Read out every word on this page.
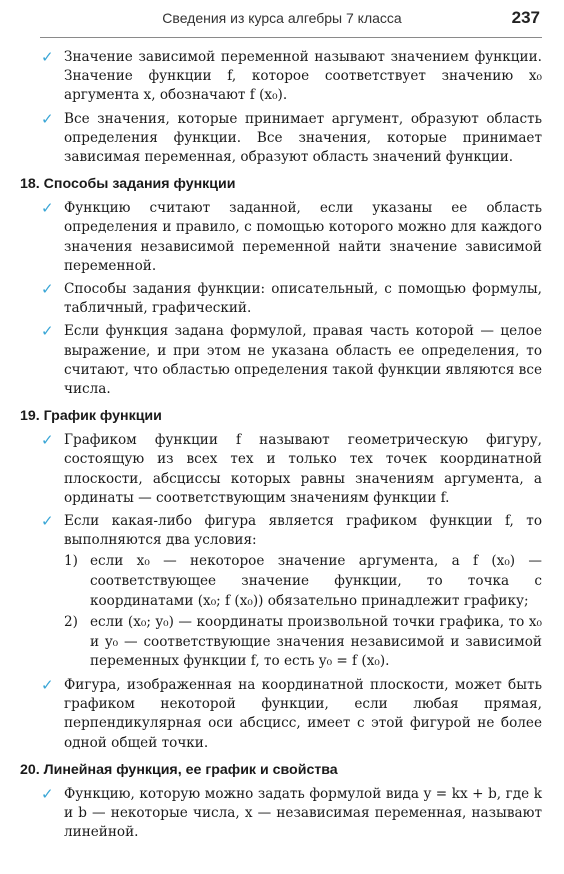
Сведения из курса алгебры 7 класса	237
✓ Значение зависимой переменной называют значением функции. Значение функции f, которое соответствует значению x₀ аргумента x, обозначают f (x₀).

✓ Все значения, которые принимает аргумент, образуют область определения функции. Все значения, которые принимает зависимая переменная, образуют область значений функции.

18. Способы задания функции
✓ Функцию считают заданной, если указаны ее область определения и правило, с помощью которого можно для каждого значения независимой переменной найти значение зависимой переменной.

✓ Способы задания функции: описательный, с помощью формулы, табличный, графический.

✓ Если функция задана формулой, правая часть которой — целое выражение, и при этом не указана область ее определения, то считают, что областью определения такой функции являются все числа.

19. График функции
✓ Графиком функции f называют геометрическую фигуру, состоящую из всех тех и только тех точек координатной плоскости, абсциссы которых равны значениям аргумента, а ординаты — соответствующим значениям функции f.

✓ Если какая-либо фигура является графиком функции f, то выполняются два условия:

1) если x₀ — некоторое значение аргумента, а f (x₀) — соответствующее значение функции, то точка с координатами (x₀; f (x₀)) обязательно принадлежит графику;

2) если (x₀; y₀) — координаты произвольной точки графика, то x₀ и y₀ — соответствующие значения независимой и зависимой переменных функции f, то есть y₀ = f (x₀).

✓ Фигура, изображенная на координатной плоскости, может быть графиком некоторой функции, если любая прямая, перпендикулярная оси абсцисс, имеет с этой фигурой не более одной общей точки.

20. Линейная функция, ее график и свойства
✓ Функцию, которую можно задать формулой вида y = kx + b, где k и b — некоторые числа, x — независимая переменная, называют линейной.
